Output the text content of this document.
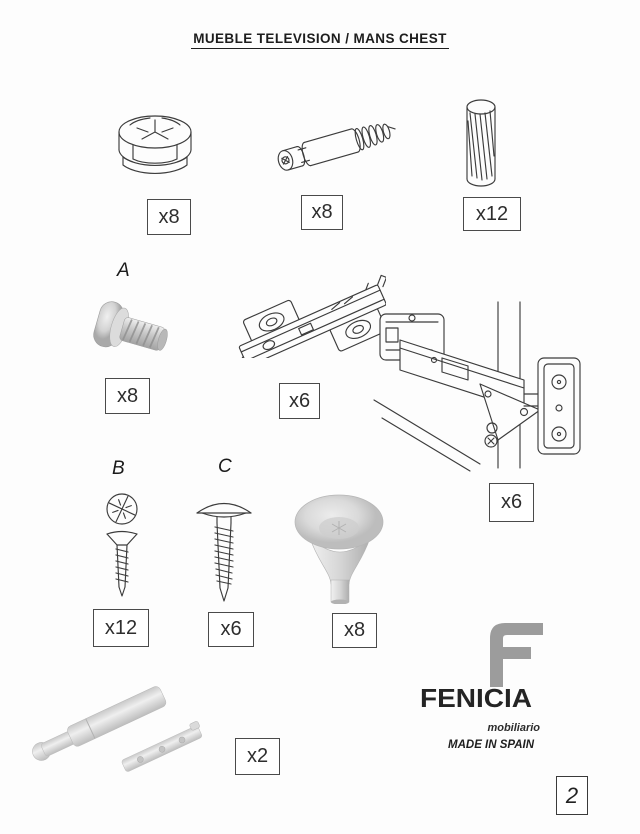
MUEBLE TELEVISION / MANS CHEST
A
B	C
x8	x8	x12
x8	x6
x6
x12	x6	x8
x2
FENICIA
mobiliario
MADE IN SPAIN
2
